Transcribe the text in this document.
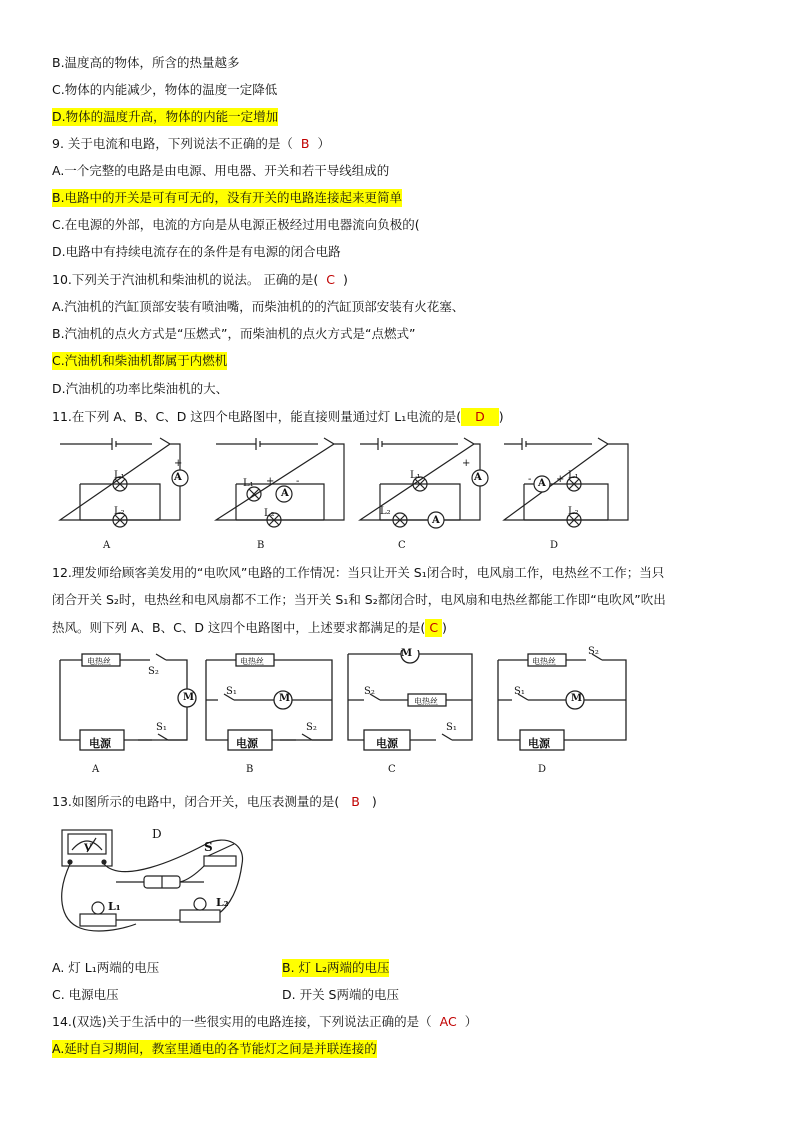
B.温度高的物体，所含的热量越多
C.物体的内能减少，物体的温度一定降低
D.物体的温度升高，物体的内能一定增加
9. 关于电流和电路，下列说法不正确的是（ B ）
A.一个完整的电路是由电源、用电器、开关和若干导线组成的
B.电路中的开关是可有可无的，没有开关的电路连接起来更简单
C.在电源的外部，电流的方向是从电源正极经过用电器流向负极的(
D.电路中有持续电流存在的条件是有电源的闭合电路
10.下列关于汽油机和柴油机的说法。 正确的是( C )
A.汽油机的汽缸顶部安装有喷油嘴，而柴油机的的汽缸顶部安装有火花塞、
B.汽油机的点火方式是“压燃式”，而柴油机的点火方式是“点燃式”
C.汽油机和柴油机都属于内燃机
D.汽油机的功率比柴油机的大、
11.在下列 A、B、C、D 这四个电路图中，能直接则量通过灯 L₁电流的是( D )
A
+
L₁
L₂
A
L₁
A
+ -
L₂
B
L₁
L₂
A
A
+
C
A +
-	L₁
L₂
D
12.理发师给顾客美发用的“电吹风”电路的工作情况：当只让开关 S₁闭合时，电风扇工作，电热丝不工作；当只
闭合开关 S₂时，电热丝和电风扇都不工作；当开关 S₁和 S₂都闭合时，电风扇和电热丝都能工作即“电吹风”吹出
热风。则下列 A、B、C、D 这四个电路图中，上述要求都满足的是( C )
电热丝
S₂
M
电源
S₁
A
电热丝
S₁
M
电源
S₂
B
M
S₂
电热丝
电源
S₁
C
电热丝
S₂
S₁
M
电源
D
13.如图所示的电路中，闭合开关，电压表测量的是( B )
V
D
S
L₁	L₂
A. 灯 L₁两端的电压	B. 灯 L₂两端的电压
C. 电源电压	D. 开关 S两端的电压
14.(双选)关于生活中的一些很实用的电路连接，下列说法正确的是（ AC ）
A.延时自习期间，教室里通电的各节能灯之间是并联连接的
